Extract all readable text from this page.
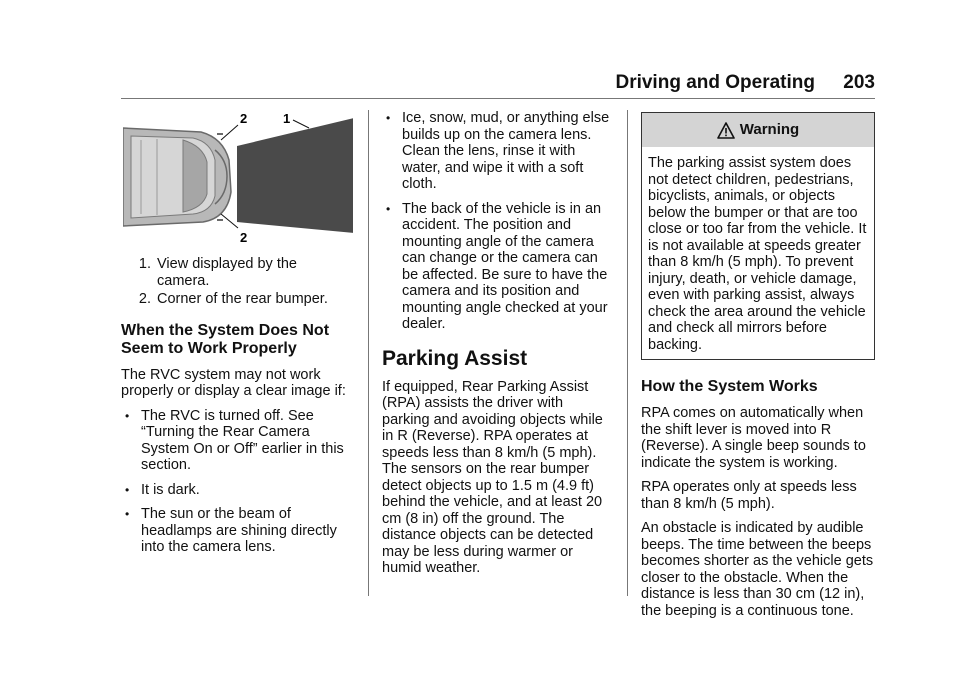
Driving and Operating 203
2	1
2
1. View displayed by the camera.
2. Corner of the rear bumper.
When the System Does Not Seem to Work Properly

The RVC system may not work properly or display a clear image if:

• The RVC is turned off. See “Turning the Rear Camera System On or Off” earlier in this section.
• It is dark.
• The sun or the beam of headlamps are shining directly into the camera lens.
• Ice, snow, mud, or anything else builds up on the camera lens. Clean the lens, rinse it with water, and wipe it with a soft cloth.
• The back of the vehicle is in an accident. The position and mounting angle of the camera can change or the camera can be affected. Be sure to have the camera and its position and mounting angle checked at your dealer.
Parking Assist

If equipped, Rear Parking Assist (RPA) assists the driver with parking and avoiding objects while in R (Reverse). RPA operates at speeds less than 8 km/h (5 mph). The sensors on the rear bumper detect objects up to 1.5 m (4.9 ft) behind the vehicle, and at least 20 cm (8 in) off the ground. The distance objects can be detected may be less during warmer or humid weather.

Warning
The parking assist system does not detect children, pedestrians, bicyclists, animals, or objects below the bumper or that are too close or too far from the vehicle. It is not available at speeds greater than 8 km/h (5 mph). To prevent injury, death, or vehicle damage, even with parking assist, always check the area around the vehicle and check all mirrors before backing.
How the System Works

RPA comes on automatically when the shift lever is moved into R (Reverse). A single beep sounds to indicate the system is working.

RPA operates only at speeds less than 8 km/h (5 mph).

An obstacle is indicated by audible beeps. The time between the beeps becomes shorter as the vehicle gets closer to the obstacle. When the distance is less than 30 cm (12 in), the beeping is a continuous tone.
